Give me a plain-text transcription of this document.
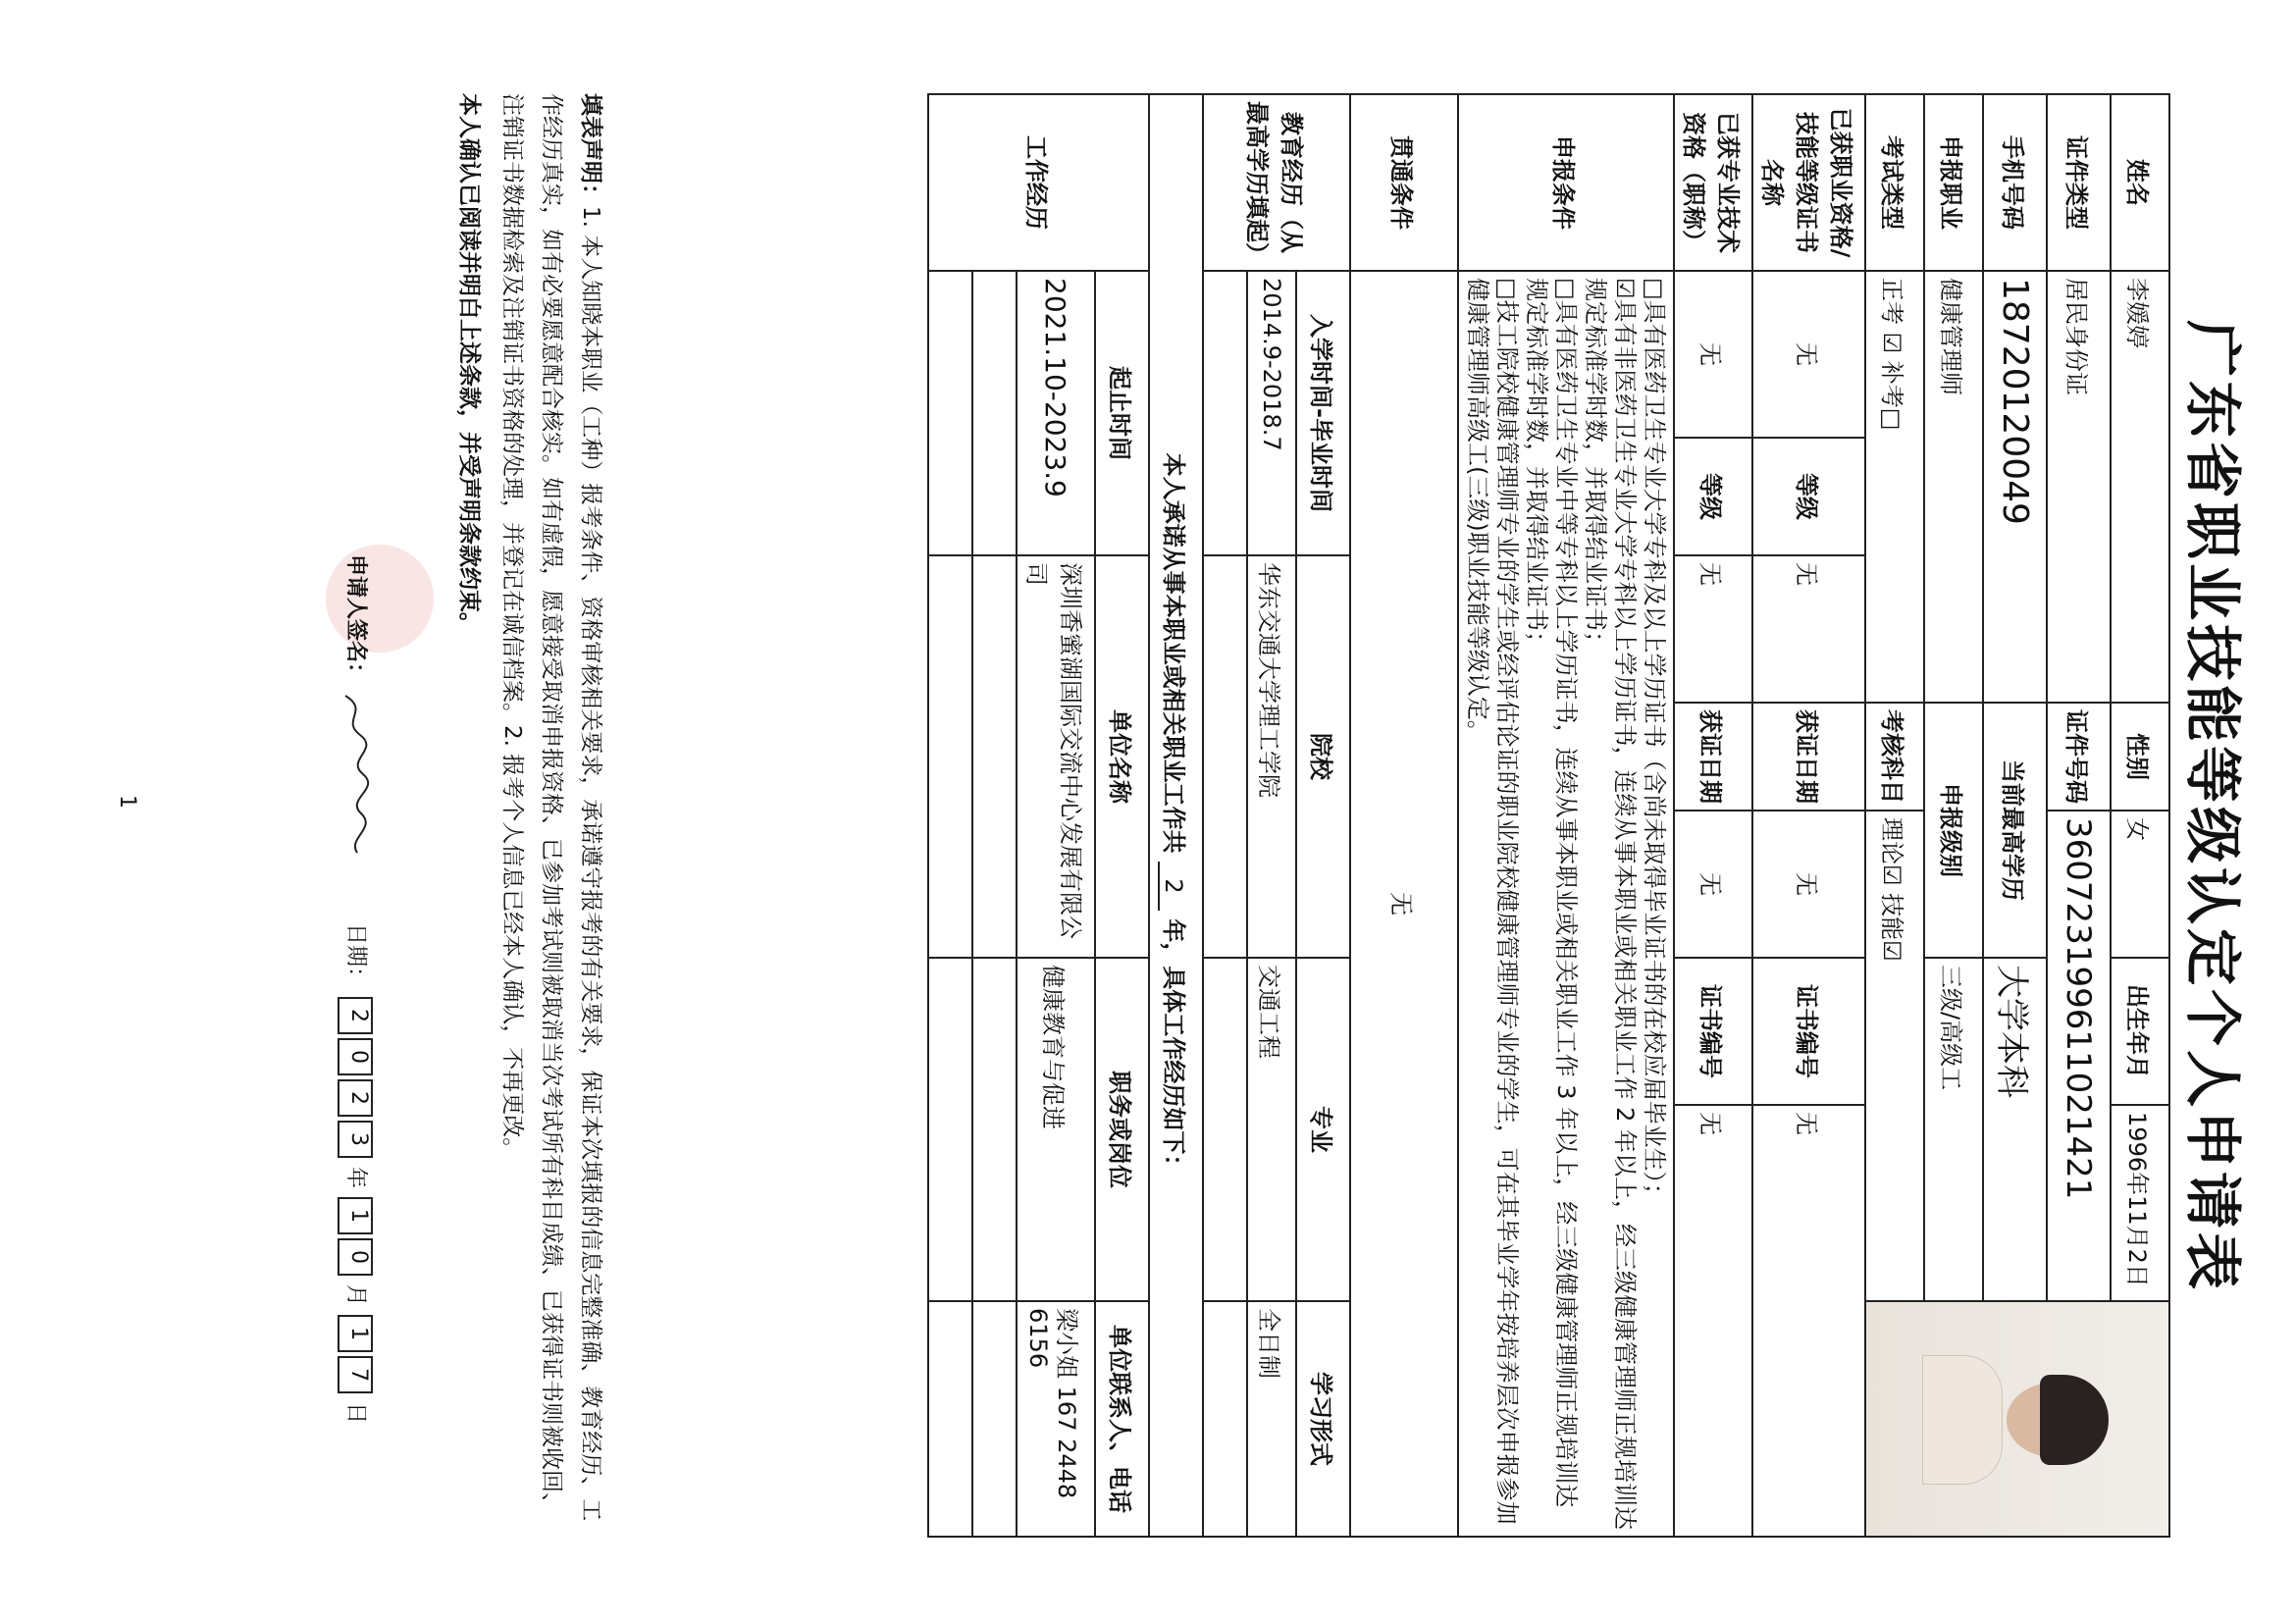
广东省职业技能等级认定个人申请表
姓名	李媛婷			性别	女	出生年月	1996年11月2日	

证件类型	居民身份证			证件号码	360723199611021421			
手机号码	18720120049			当前最高学历		大学本科		
申报职业	健康管理师			申报级别		三级/高级工		
考试类型	正考 ☑ 补考□			考核科目	理论☑ 技能☑			
已获职业资格/技能等级证书名称	无	等级	无	获证日期	无	证书编号	无	
已获专业技术资格（职称）	无	等级	无	获证日期	无	证书编号	无	
申报条件	□具有医药卫生专业大学专科及以上学历证书（含尚未取得毕业证书的在校应届毕业生）；
☑具有非医药卫生专业大学专科以上学历证书，连续从事本职业或相关职业工作 2 年以上，经三级健康管理师正规培训达规定标准学时数，并取得结业证书；
□具有医药卫生专业中等专科以上学历证书，连续从事本职业或相关职业工作 3 年以上，经三级健康管理师正规培训达规定标准学时数，并取得结业证书；
□技工院校健康管理师专业的学生或经评估论证的职业院校健康管理师专业的学生，可在其毕业学年按培养层次申报参加健康管理师高级工(三级)职业技能等级认定。							

贯通条件	无							
教育经历（从最高学历填起）	入学时间-毕业时间		院校			专业		学习形式
	2014.9-2018.7		华东交通大学理工学院			交通工程		全日制

本人承诺从事本职业或相关职业工作共 2 年，具体工作经历如下：								
工作经历	起止时间		单位名称			职务或岗位		单位联系人、电话
	2021.10-2023.9		深圳香蜜湖国际交流中心发展有限公司			健康教育与促进		梁小姐 167 2448 6156

填表声明：1. 本人知晓本职业（工种）报考条件、资格审核相关要求，承诺遵守报考的有关要求，保证本次填报的信息完整准确、教育经历、工作经历真实，如有必要愿意配合核实。如有虚假，愿意接受取消申报资格、已参加考试则被取消当次考试所有科目成绩、已获得证书则被收回、注销证书数据检索及注销证书资格的处理，并登记在诚信档案。2. 报考个人信息已经本人确认，不再更改。
本人确认已阅读并明白上述条款，并受声明条款约束。
申请人签名：  日期： 2023 年 10 月 17 日
1
